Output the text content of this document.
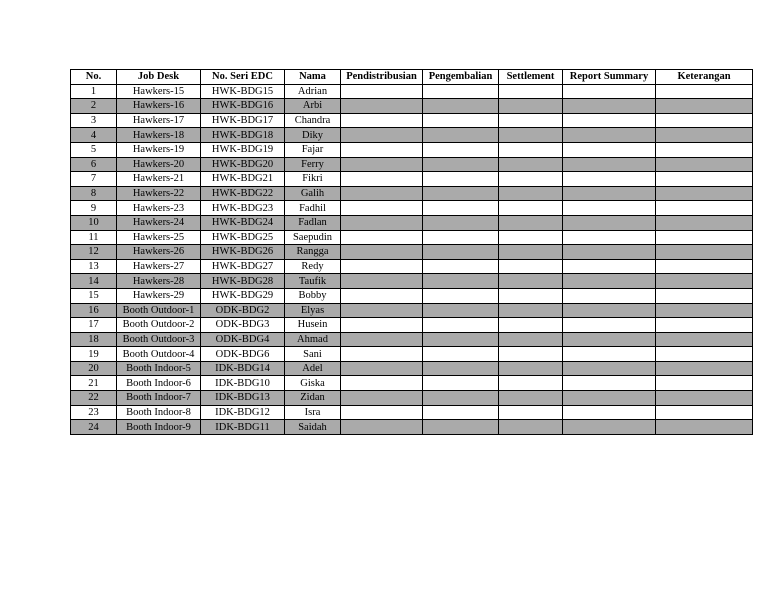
No.	Job Desk	No. Seri EDC	Nama	Pendistribusian	Pengembalian	Settlement	Report Summary	Keterangan
1	Hawkers-15	HWK-BDG15	Adrian					
2	Hawkers-16	HWK-BDG16	Arbi					
3	Hawkers-17	HWK-BDG17	Chandra					
4	Hawkers-18	HWK-BDG18	Diky					
5	Hawkers-19	HWK-BDG19	Fajar					
6	Hawkers-20	HWK-BDG20	Ferry					
7	Hawkers-21	HWK-BDG21	Fikri					
8	Hawkers-22	HWK-BDG22	Galih					
9	Hawkers-23	HWK-BDG23	Fadhil					
10	Hawkers-24	HWK-BDG24	Fadlan					
11	Hawkers-25	HWK-BDG25	Saepudin					
12	Hawkers-26	HWK-BDG26	Rangga					
13	Hawkers-27	HWK-BDG27	Redy					
14	Hawkers-28	HWK-BDG28	Taufik					
15	Hawkers-29	HWK-BDG29	Bobby					
16	Booth Outdoor-1	ODK-BDG2	Elyas					
17	Booth Outdoor-2	ODK-BDG3	Husein					
18	Booth Outdoor-3	ODK-BDG4	Ahmad					
19	Booth Outdoor-4	ODK-BDG6	Sani					
20	Booth Indoor-5	IDK-BDG14	Adel					
21	Booth Indoor-6	IDK-BDG10	Giska					
22	Booth Indoor-7	IDK-BDG13	Zidan					
23	Booth Indoor-8	IDK-BDG12	Isra					
24	Booth Indoor-9	IDK-BDG11	Saidah					
